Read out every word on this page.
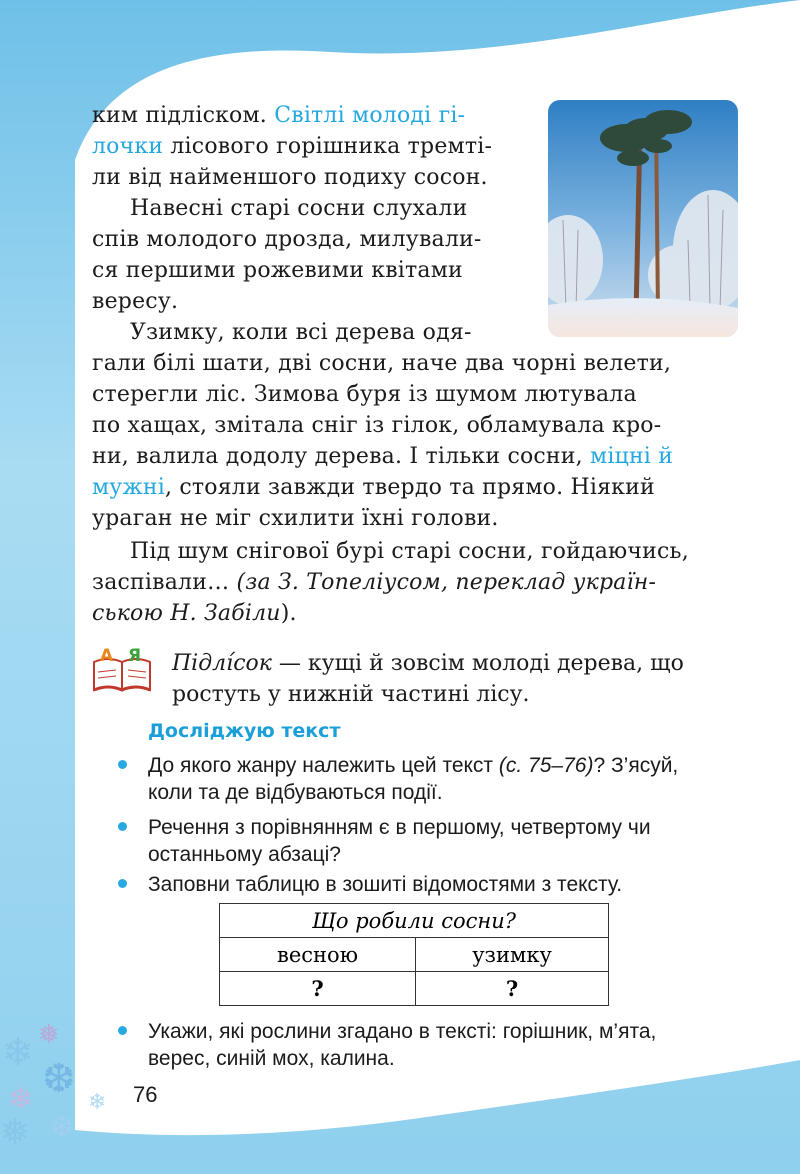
❄ ❅
❆
❄
❅ ❆
❄
ким підліском. Світлі молоді гі-
лочки лісового горішника тремті-
ли від найменшого подиху сосон.
Навесні старі сосни слухали
спів молодого дрозда, милували-
ся першими рожевими квітами
вересу.
Узимку, коли всі дерева одя-
гали білі шати, дві сосни, наче два чорні велети,
стерегли ліс. Зимова буря із шумом лютувала
по хащах, змітала сніг із гілок, обламувала кро-
ни, валила додолу дерева. І тільки сосни, міцні й
мужні, стояли завжди твердо та прямо. Ніякий
ураган не міг схилити їхні голови.
Під шум снігової бурі старі сосни, гойдаючись,
заспівали… (за З. Топеліусом, переклад україн-
ською Н. Забіли).
А Я Підлі́сок — кущі й зовсім молоді дерева, що
ростуть у нижній частині лісу.
Досліджую текст
До якого жанру належить цей текст (с. 75–76)? З’ясуй,
коли та де відбуваються події.
Речення з порівнянням є в першому, четвертому чи
останньому абзаці?
Заповни таблицю в зошиті відомостями з тексту.
Що робили сосни?	
весною	узимку
?	?
Укажи, які рослини згадано в тексті: горішник, м’ята,
верес, синій мох, калина.
76
